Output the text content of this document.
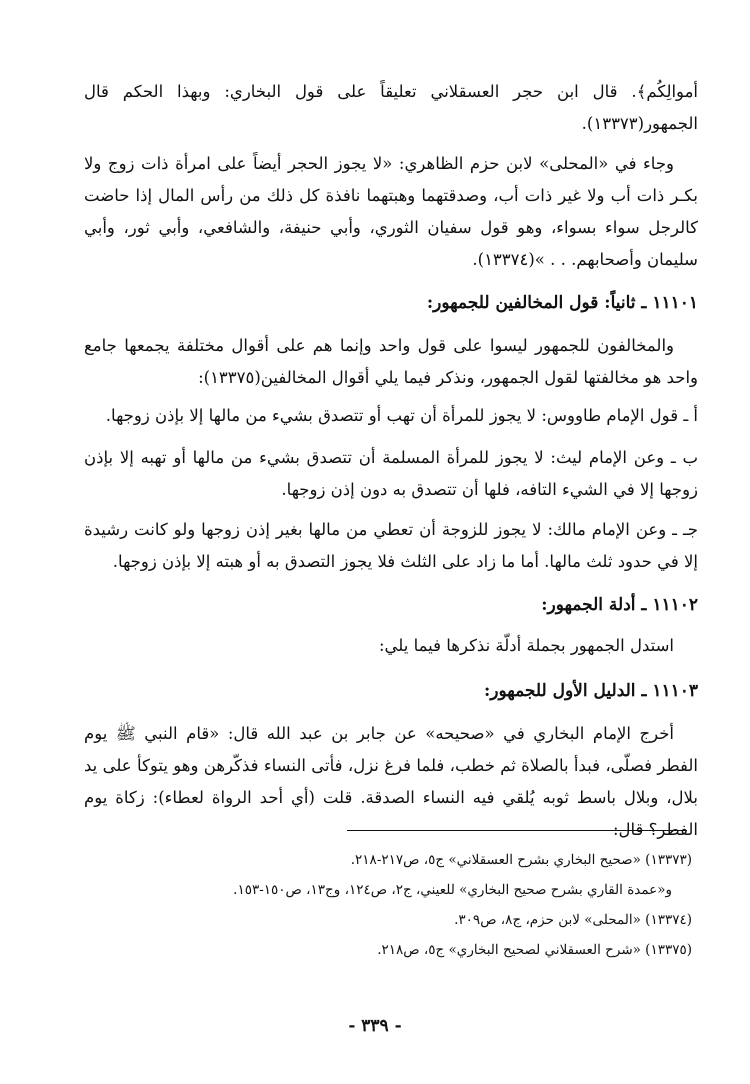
أموالِكُم﴾. قال ابن حجر العسقلاني تعليقاً على قول البخاري: وبهذا الحكم قال الجمهور(١٣٣٧٣).

وجاء في «المحلى» لابن حزم الظاهري: «لا يجوز الحجر أيضاً على امرأة ذات زوج ولا بكـر ذات أب ولا غير ذات أب، وصدقتهما وهبتهما نافذة كل ذلك من رأس المال إذا حاضت كالرجل سواء بسواء، وهو قول سفيان الثوري، وأبي حنيفة، والشافعي، وأبي ثور، وأبي سليمان وأصحابهم. . . »(١٣٣٧٤).

١١١٠١ ـ ثانياً: قول المخالفين للجمهور:

والمخالفون للجمهور ليسوا على قول واحد وإنما هم على أقوال مختلفة يجمعها جامع واحد هو مخالفتها لقول الجمهور، ونذكر فيما يلي أقوال المخالفين(١٣٣٧٥):

أ ـ قول الإمام طاووس: لا يجوز للمرأة أن تهب أو تتصدق بشيء من مالها إلا بإذن زوجها.

ب ـ وعن الإمام ليث: لا يجوز للمرأة المسلمة أن تتصدق بشيء من مالها أو تهبه إلا بإذن زوجها إلا في الشيء التافه، فلها أن تتصدق به دون إذن زوجها.

جـ ـ وعن الإمام مالك: لا يجوز للزوجة أن تعطي من مالها بغير إذن زوجها ولو كانت رشيدة إلا في حدود ثلث مالها. أما ما زاد على الثلث فلا يجوز التصدق به أو هبته إلا بإذن زوجها.

١١١٠٢ ـ أدلة الجمهور:

استدل الجمهور بجملة أدلّة نذكرها فيما يلي:

١١١٠٣ ـ الدليل الأول للجمهور:

أخرج الإمام البخاري في «صحيحه» عن جابر بن عبد الله قال: «قام النبي ﷺ يوم الفطر فصلّى، فبدأ بالصلاة ثم خطب، فلما فرغ نزل، فأتى النساء فذكّرهن وهو يتوكأ على يد بلال، وبلال باسط ثوبه يُلقي فيه النساء الصدقة. قلت (أي أحد الرواة لعطاء): زكاة يوم الفطر؟ قال:

(١٣٣٧٣) «صحيح البخاري بشرح العسقلاني» ج٥، ص٢١٧-٢١٨.

و«عمدة القاري بشرح صحيح البخاري» للعيني، ج٢، ص١٢٤، وج١٣، ص١٥٠-١٥٣.

(١٣٣٧٤) «المحلى» لابن حزم، ج٨، ص٣٠٩.

(١٣٣٧٥) «شرح العسقلاني لصحيح البخاري» ج٥، ص٢١٨.

- ٣٣٩ -
